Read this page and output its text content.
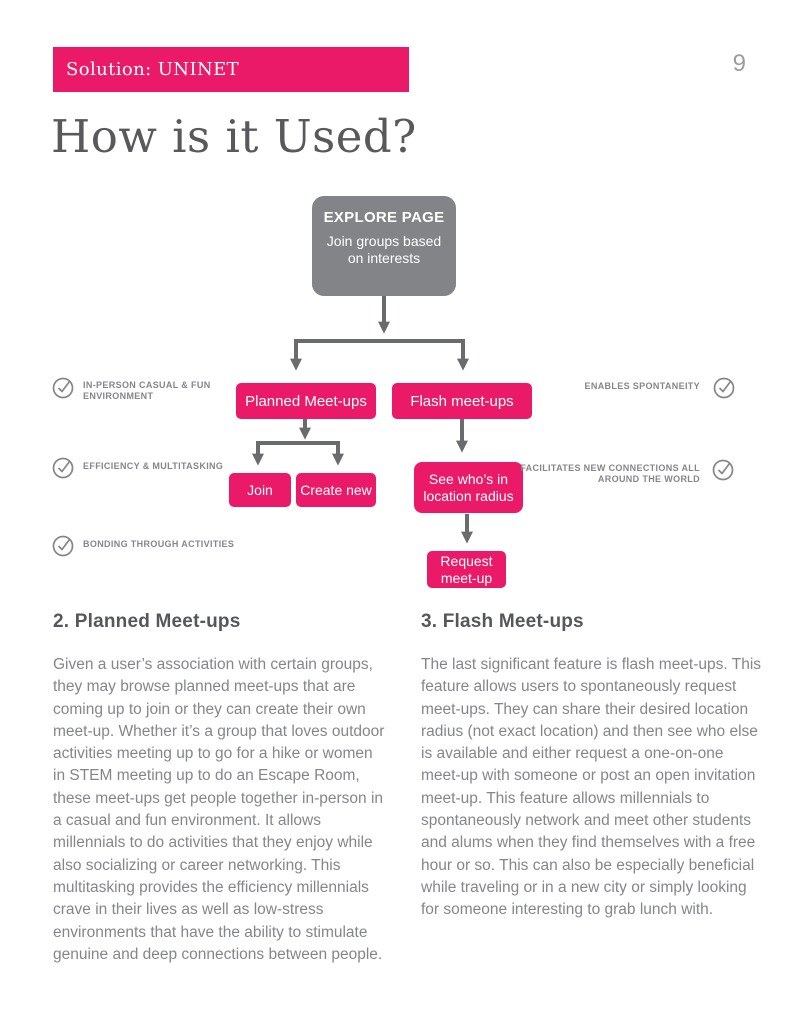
Solution: UNINET	9
How is it Used?
EXPLORE PAGE
Join groups based on interests
Planned Meet-ups	Flash meet-ups
Join	Create new
See who’s in location radius
Request meet-up
IN-PERSON CASUAL & FUN ENVIRONMENT
EFFICIENCY & MULTITASKING
BONDING THROUGH ACTIVITIES
ENABLES SPONTANEITY
FACILITATES NEW CONNECTIONS ALL AROUND THE WORLD
2. Planned Meet-ups

Given a user’s association with certain groups, they may browse planned meet-ups that are coming up to join or they can create their own meet-up. Whether it’s a group that loves outdoor activities meeting up to go for a hike or women in STEM meeting up to do an Escape Room, these meet-ups get people together in-person in a casual and fun environment. It allows millennials to do activities that they enjoy while also socializing or career networking. This multitasking provides the efficiency millennials crave in their lives as well as low-stress environments that have the ability to stimulate genuine and deep connections between people.

3. Flash Meet-ups

The last significant feature is flash meet-ups. This feature allows users to spontaneously request meet-ups. They can share their desired location radius (not exact location) and then see who else is available and either request a one-on-one meet-up with someone or post an open invitation meet-up. This feature allows millennials to spontaneously network and meet other students and alums when they find themselves with a free hour or so. This can also be especially beneficial while traveling or in a new city or simply looking for someone interesting to grab lunch with.
